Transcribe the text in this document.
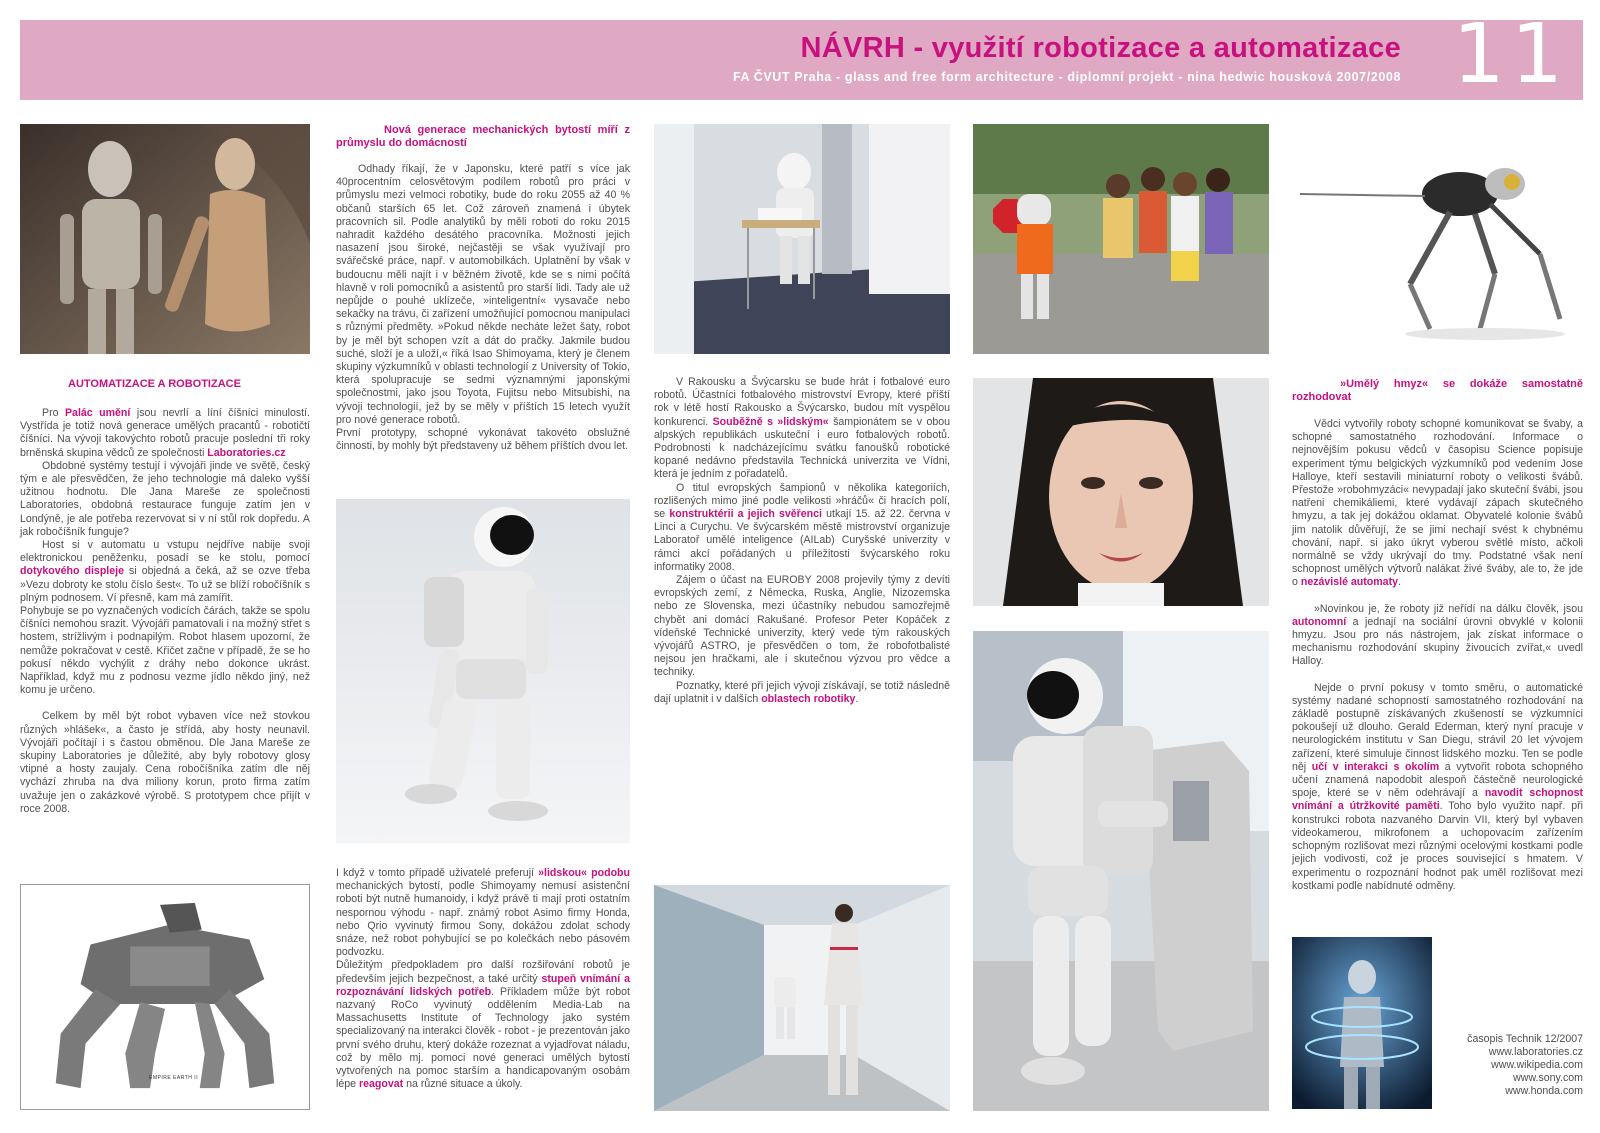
NÁVRH - využití robotizace a automatizace
FA ČVUT Praha - glass and free form architecture - diplomní projekt - nina hedwic housková 2007/2008 11
EMPIRE EARTH II

AUTOMATIZACE A ROBOTIZACE

Pro Palác umění jsou nevrlí a líní číšníci minulostí. Vystřída je totiž nová generace umělých pracantů - robotičtí číšníci. Na vývoji takovýchto robotů pracuje poslední tři roky brněnská skupina vědců ze společnosti Laboratories.cz

Obdobné systémy testují i vývojáři jinde ve světě, český tým e ale přesvědčen, že jeho technologie má daleko vyšší užitnou hodnotu. Dle Jana Mareše ze společnosti Laboratories, obdobná restaurace funguje zatím jen v Londýně, je ale potřeba rezervovat si v ní stůl rok dopředu. A jak robočíšník funguje?

Host si v automatu u vstupu nejdříve nabije svoji elektronickou peněženku, posadí se ke stolu, pomocí dotykového displeje si objedná a čeká, až se ozve třeba »Vezu dobroty ke stolu číslo šest«. To už se blíží robočíšník s plným podnosem. Ví přesně, kam má zamířit.

Pohybuje se po vyznačených vodicích čárách, takže se spolu číšníci nemohou srazit. Vývojáři pamatovali i na možný střet s hostem, strížlivým i podnapilým. Robot hlasem upozorní, že nemůže pokračovat v cestě. Křičet začne v případě, že se ho pokusí někdo vychýlit z dráhy nebo dokonce ukrást. Například, když mu z podnosu vezme jídlo někdo jiný, než komu je určeno.

Celkem by měl být robot vybaven více než stovkou různých »hlášek«, a často je střídá, aby hosty neunavil. Vývojáři počítají i s častou obměnou. Dle Jana Mareše ze skupiny Laboratories je důležité, aby byly robotovy glosy vtipné a hosty zaujaly. Cena robočíšníka zatím dle něj vychází zhruba na dva miliony korun, proto firma zatím uvažuje jen o zakázkové výrobě. S prototypem chce přijít v roce 2008.

Nová generace mechanických bytostí míří z průmyslu do domácností

Odhady říkají, že v Japonsku, které patří s více jak 40procentním celosvětovým podílem robotů pro práci v průmyslu mezi velmoci robotiky, bude do roku 2055 až 40 % občanů starších 65 let. Což zároveň znamená i úbytek pracovních sil. Podle analytiků by měli roboti do roku 2015 nahradit každého desátého pracovníka. Možnosti jejich nasazení jsou široké, nejčastěji se však využívají pro svářečské práce, např. v automobilkách. Uplatnění by však v budoucnu měli najít i v běžném životě, kde se s nimi počítá hlavně v roli pomocníků a asistentů pro starší lidi. Tady ale už nepůjde o pouhé uklízeče, »inteligentní« vysavače nebo sekačky na trávu, či zařízení umožňující pomocnou manipulaci s různými předměty. »Pokud někde necháte ležet šaty, robot by je měl být schopen vzít a dát do pračky. Jakmile budou suché, složí je a uloží,« říká Isao Shimoyama, který je členem skupiny výzkumníků v oblasti technologií z University of Tokio, která spolupracuje se sedmi významnými japonskými společnostmi, jako jsou Toyota, Fujitsu nebo Mitsubishi, na vývoji technologií, jež by se měly v příštích 15 letech využít pro nové generace robotů.

První prototypy, schopné vykonávat takovéto obslužné činnosti, by mohly být představeny už během příštích dvou let.

I když v tomto případě uživatelé preferují »lidskou« podobu mechanických bytostí, podle Shimoyamy nemusí asistenční roboti být nutně humanoidy, i když právě ti mají proti ostatním nespornou výhodu - např. známý robot Asimo firmy Honda, nebo Qrio vyvinutý firmou Sony, dokážou zdolat schody snáze, než robot pohybující se po kolečkách nebo pásovém podvozku.

Důležitým předpokladem pro další rozšiřování robotů je především jejich bezpečnost, a také určitý stupeň vnímání a rozpoznávání lidských potřeb. Příkladem může být robot nazvaný RoCo vyvinutý oddělením Media-Lab na Massachusetts Institute of Technology jako systém specializovaný na interakci člověk - robot - je prezentován jako první svého druhu, který dokáže rozeznat a vyjadřovat náladu, což by mělo mj. pomoci nové generaci umělých bytostí vytvořených na pomoc starším a handicapovaným osobám lépe reagovat na různé situace a úkoly.

V Rakousku a Švýcarsku se bude hrát i fotbalové euro robotů. Účastníci fotbalového mistrovství Evropy, které příští rok v létě hostí Rakousko a Švýcarsko, budou mít vyspělou konkurenci. Souběžně s »lidským« šampionátem se v obou alpských republikách uskuteční i euro fotbalových robotů. Podrobnosti k nadcházejícímu svátku fanoušků robotické kopané nedávno představila Technická univerzita ve Vídni, která je jedním z pořadatelů.

O titul evropských šampionů v několika kategoriích, rozlišených mimo jiné podle velikosti »hráčů« či hracích polí, se konstruktérii a jejich svěřenci utkají 15. až 22. června v Linci a Curychu. Ve švýcarském městě mistrovství organizuje Laboratoř umělé inteligence (AILab) Curyšské univerzity v rámci akcí pořádaných u příležitosti švýcarského roku informatiky 2008.

Zájem o účast na EUROBY 2008 projevily týmy z devíti evropských zemí, z Německa, Ruska, Anglie, Nizozemska nebo ze Slovenska, mezi účastníky nebudou samozřejmě chybět ani domácí Rakušané. Profesor Peter Kopáček z vídeňské Technické univerzity, který vede tým rakouských vývojářů ASTRO, je přesvědčen o tom, že robofotbalisté nejsou jen hračkami, ale i skutečnou výzvou pro vědce a techniky.

Poznatky, které při jejich vývoji získávají, se totiž následně dají uplatnit i v dalších oblastech robotiky.

»Umělý hmyz« se dokáže samostatně rozhodovat

Vědci vytvořily roboty schopné komunikovat se švaby, a schopné samostatného rozhodování. Informace o nejnovějším pokusu vědců v časopisu Science popisuje experiment týmu belgických výzkumníků pod vedením Jose Halloye, kteří sestavili miniaturní roboty o velikosti švábů. Přestože »robohmyzáci« nevypadají jako skuteční švábi, jsou natřeni chemikáliemi, které vydávají zápach skutečného hmyzu, a tak jej dokážou oklamat. Obyvatelé kolonie švábů jim natolik důvěřují, že se jimi nechají svést k chybnému chování, např. si jako úkryt vyberou světlé místo, ačkoli normálně se vždy ukrývají do tmy. Podstatné však není schopnost umělých výtvorů nalákat živé šváby, ale to, že jde o nezávislé automaty.

»Novinkou je, že roboty již neřídí na dálku člověk, jsou autonomní a jednají na sociální úrovni obvyklé v kolonii hmyzu. Jsou pro nás nástrojem, jak získat informace o mechanismu rozhodování skupiny živoucích zvířat,« uvedl Halloy.

Nejde o první pokusy v tomto směru, o automatické systémy nadané schopností samostatného rozhodování na základě postupně získávaných zkušeností se výzkumníci pokoušejí už dlouho. Gerald Ederman, který nyní pracuje v neurologickém institutu v San Diegu, strávil 20 let vývojem zařízení, které simuluje činnost lidského mozku. Ten se podle něj učí v interakci s okolím a vytvořit robota schopného učení znamená napodobit alespoň částečně neurologické spoje, které se v něm odehrávají a navodit schopnost vnímání a útržkovité paměti. Toho bylo využito např. při konstrukci robota nazvaného Darvin VII, který byl vybaven videokamerou, mikrofonem a uchopovacím zařízením schopným rozlišovat mezi různými ocelovými kostkami podle jejich vodivosti, což je proces související s hmatem. V experimentu o rozpoznání hodnot pak uměl rozlišovat mezi kostkami podle nabídnuté odměny.

časopis Technik 12/2007
www.laboratories.cz
www.wikipedia.com
www.sony.com
www.honda.com
